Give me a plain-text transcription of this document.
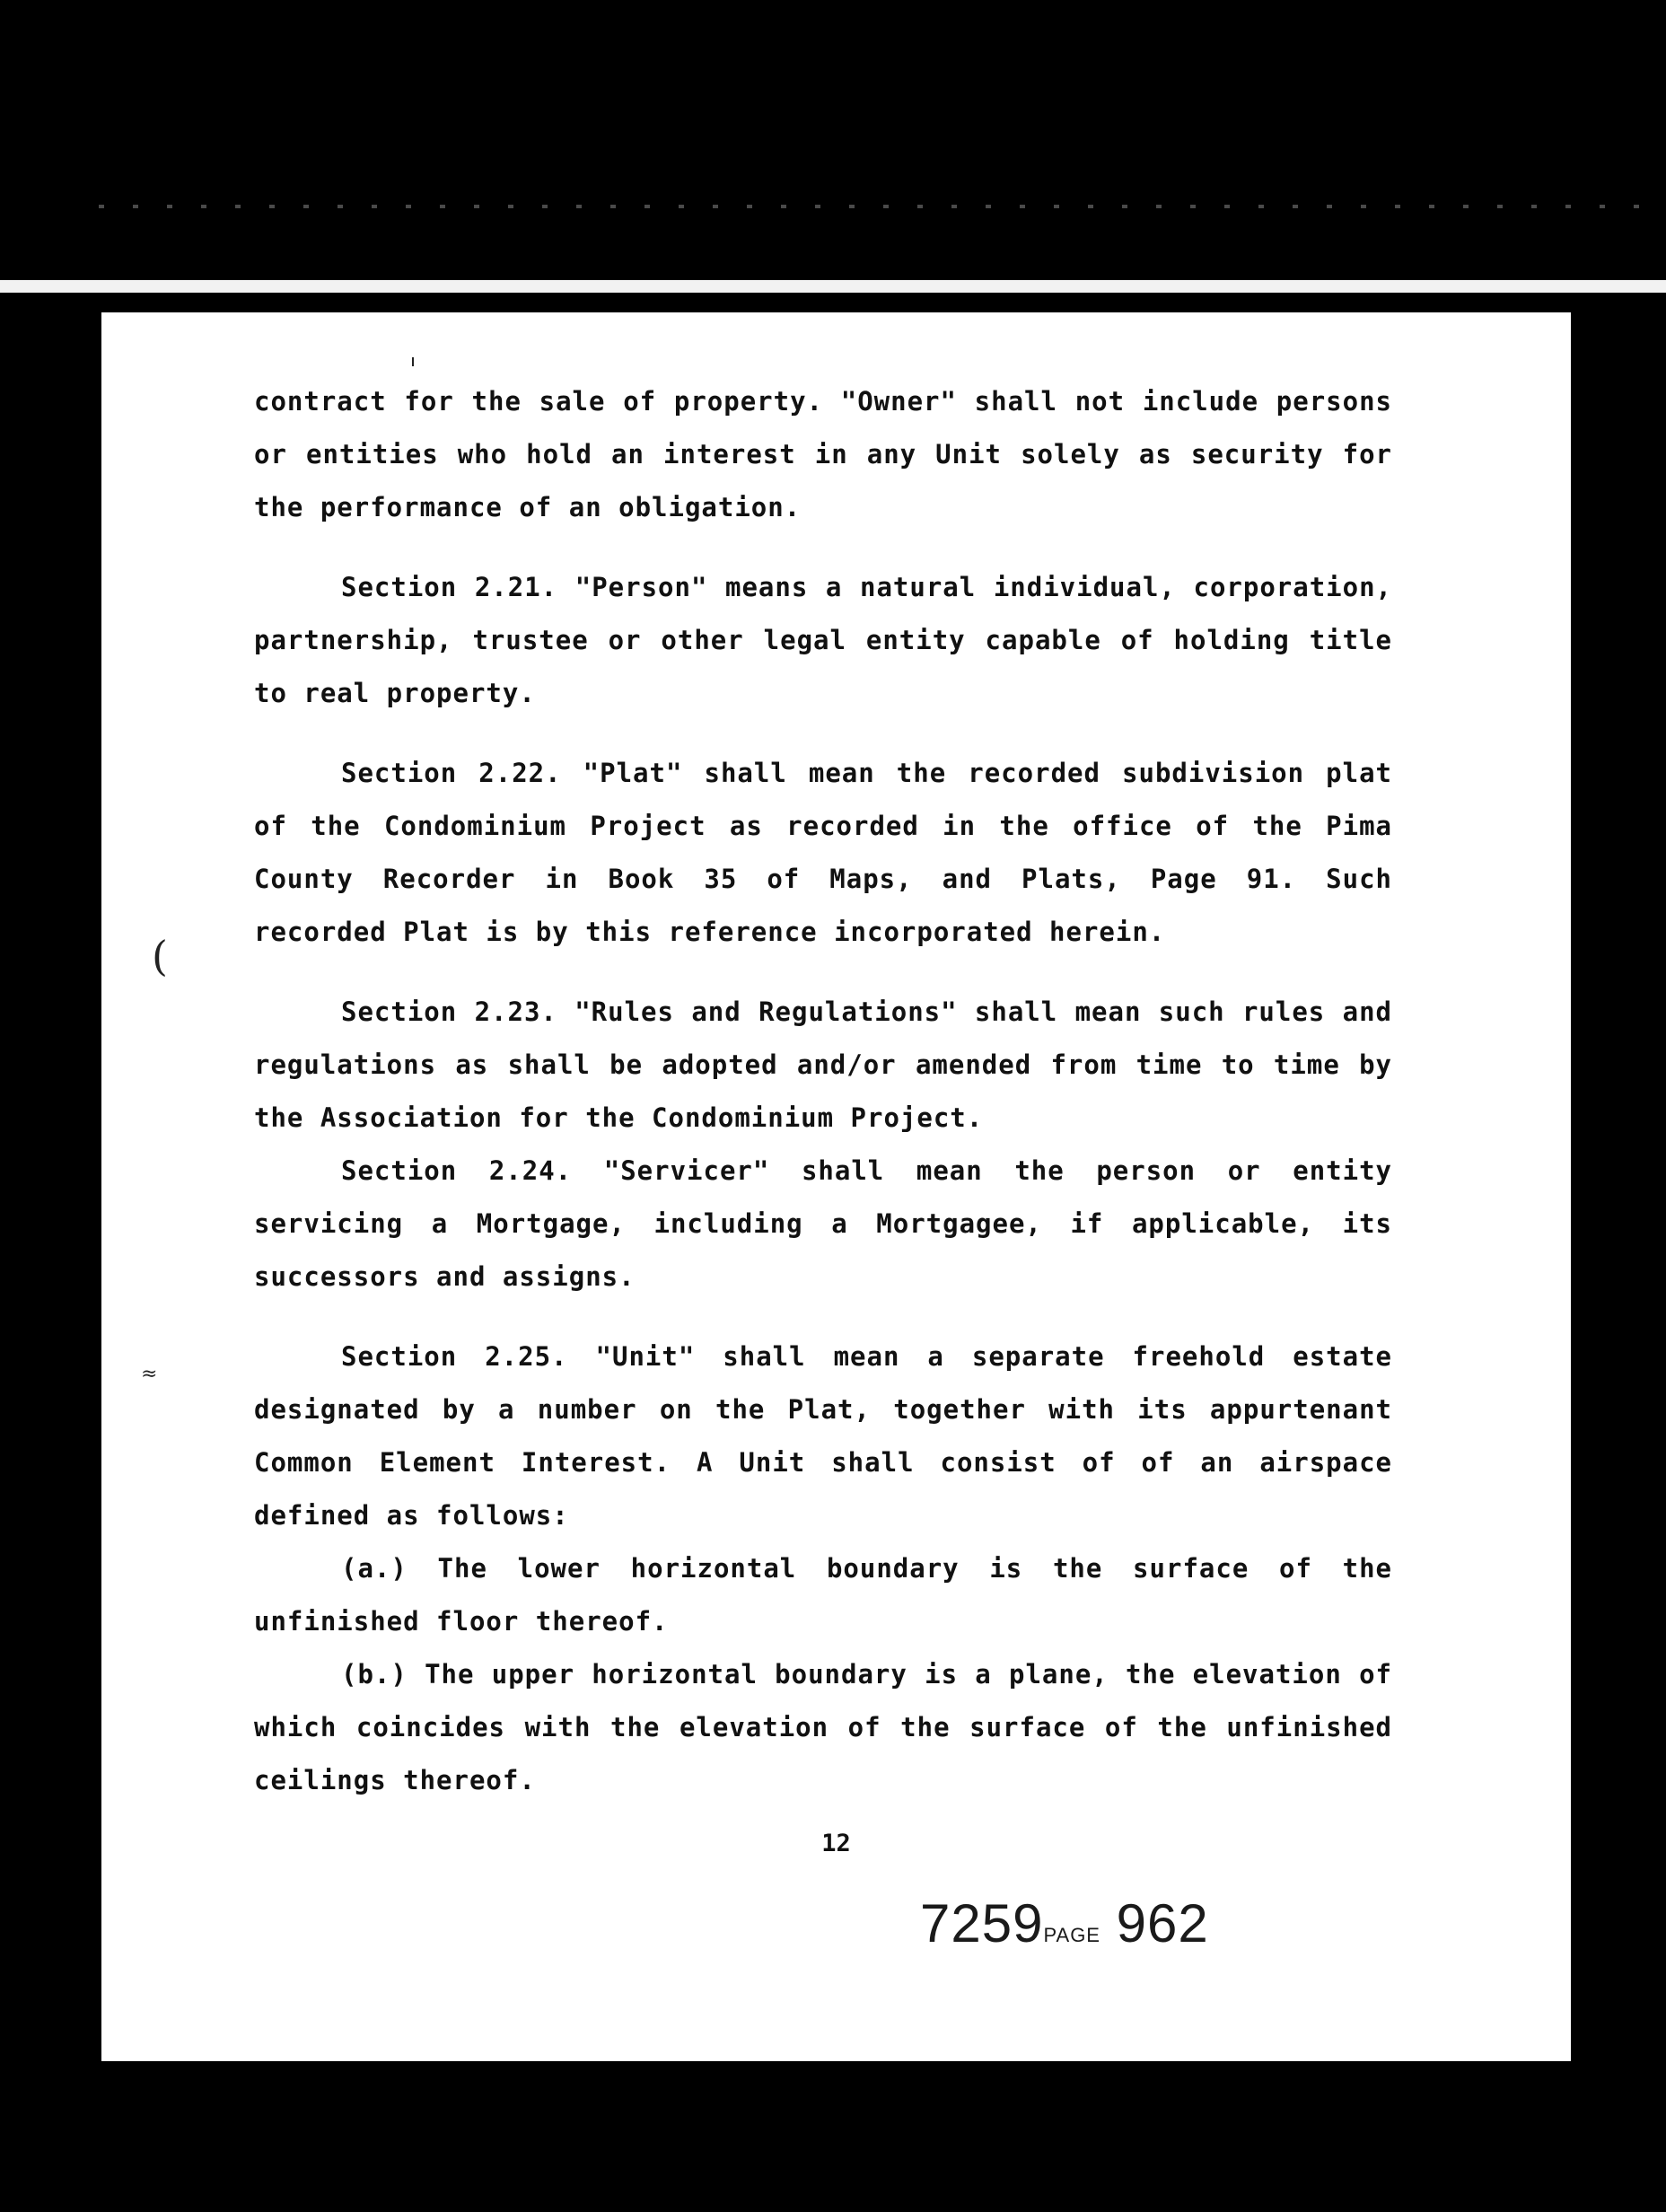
(
≈

contract for the sale of property. "Owner" shall not include persons or entities who hold an interest in any Unit solely as security for the performance of an obligation.

Section 2.21. "Person" means a natural individual, corporation, partnership, trustee or other legal entity capable of holding title to real property.

Section 2.22. "Plat" shall mean the recorded subdivision plat of the Condominium Project as recorded in the office of the Pima County Recorder in Book 35 of Maps, and Plats, Page 91. Such recorded Plat is by this reference incorporated herein.

Section 2.23. "Rules and Regulations" shall mean such rules and regulations as shall be adopted and/or amended from time to time by the Association for the Condominium Project.

Section 2.24. "Servicer" shall mean the person or entity servicing a Mortgage, including a Mortgagee, if applicable, its successors and assigns.

Section 2.25. "Unit" shall mean a separate freehold estate designated by a number on the Plat, together with its appurtenant Common Element Interest. A Unit shall consist of of an airspace defined as follows:

(a.) The lower horizontal boundary is the surface of the unfinished floor thereof.

(b.) The upper horizontal boundary is a plane, the elevation of which coincides with the elevation of the surface of the unfinished ceilings thereof.

12
7259PAGE 962
